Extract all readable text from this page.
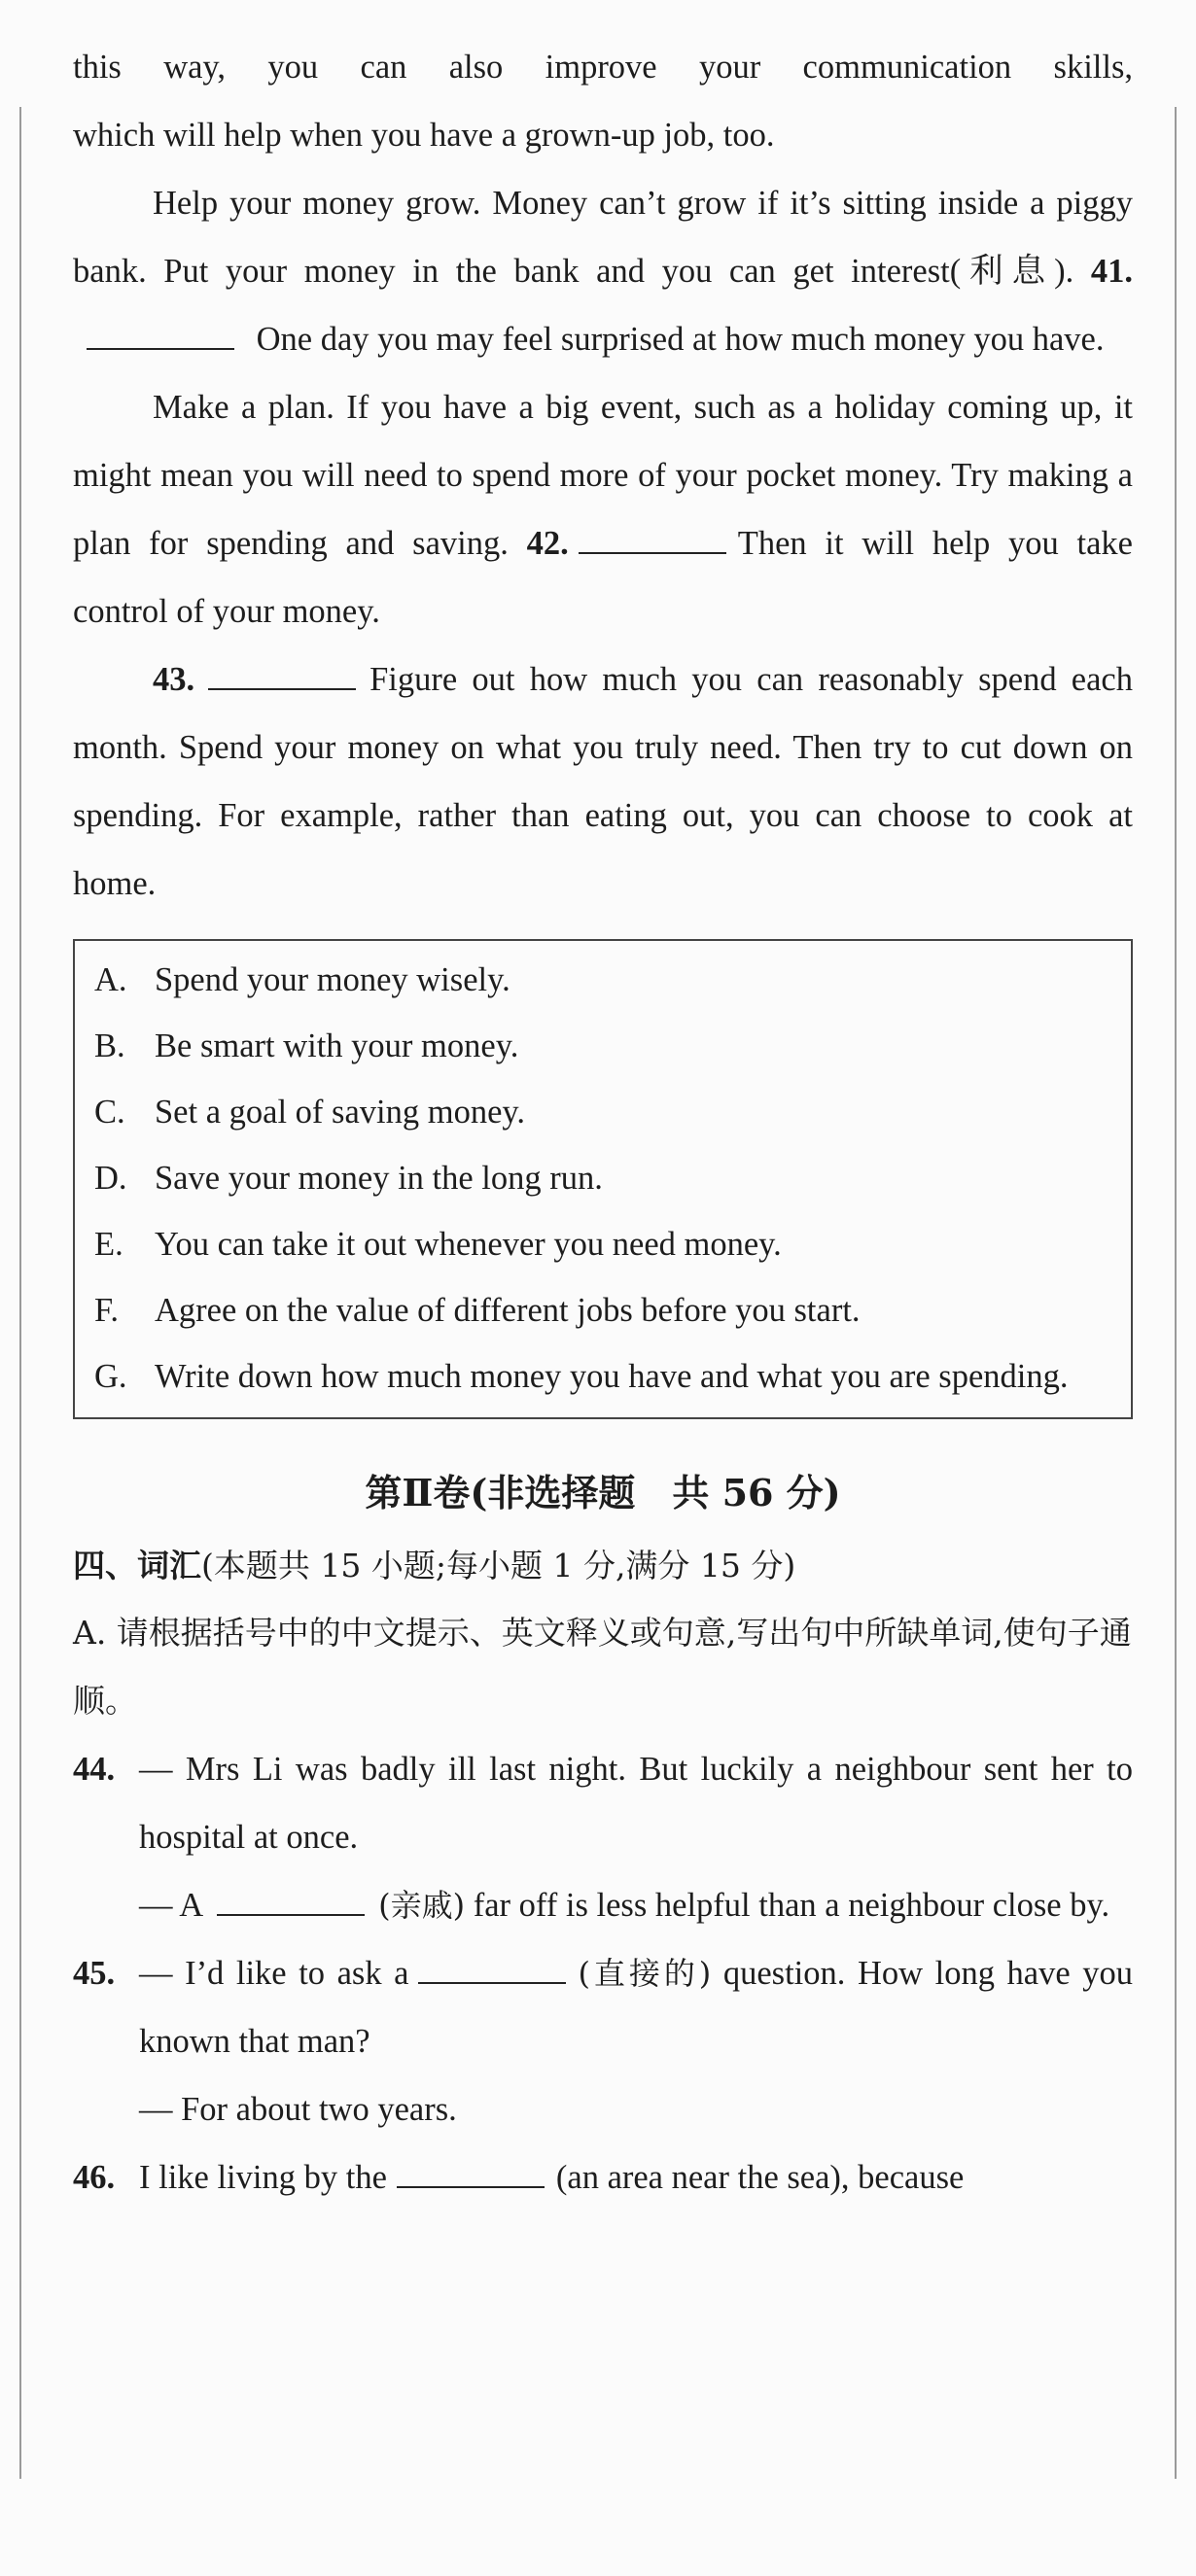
this way, you can also improve your communication skills,
which will help when you have a grown-up job, too.

Help your money grow. Money can’t grow if it’s sitting inside a piggy bank. Put your money in the bank and you can get interest(利息). 41. One day you may feel surprised at how much money you have.

Make a plan. If you have a big event, such as a holiday coming up, it might mean you will need to spend more of your pocket money. Try making a plan for spending and saving. 42.	Then it will help you take control of your money.

43.	Figure out how much you can reasonably spend each month. Spend your money on what you truly need. Then try to cut down on spending. For example, rather than eating out, you can choose to cook at home.

A. Spend your money wisely.
B. Be smart with your money.
C. Set a goal of saving money.
D. Save your money in the long run.
E. You can take it out whenever you need money.
F.	Agree on the value of different jobs before you start.
G. Write down how much money you have and what you are spending.
第Ⅱ卷(非选择题　共 56 分)
四、词汇(本题共 15 小题;每小题 1 分,满分 15 分)

A. 请根据括号中的中文提示、英文释义或句意,写出句中所缺单词,使句子通顺。

44. — Mrs Li was badly ill last night. But luckily a neighbour sent her to hospital at once.

— A	(亲戚) far off is less helpful than a neighbour close by.

45. — I’d like to ask a	(直接的) question. How long have you known that man?

— For about two years.

46. I like living by the	(an area near the sea), because
